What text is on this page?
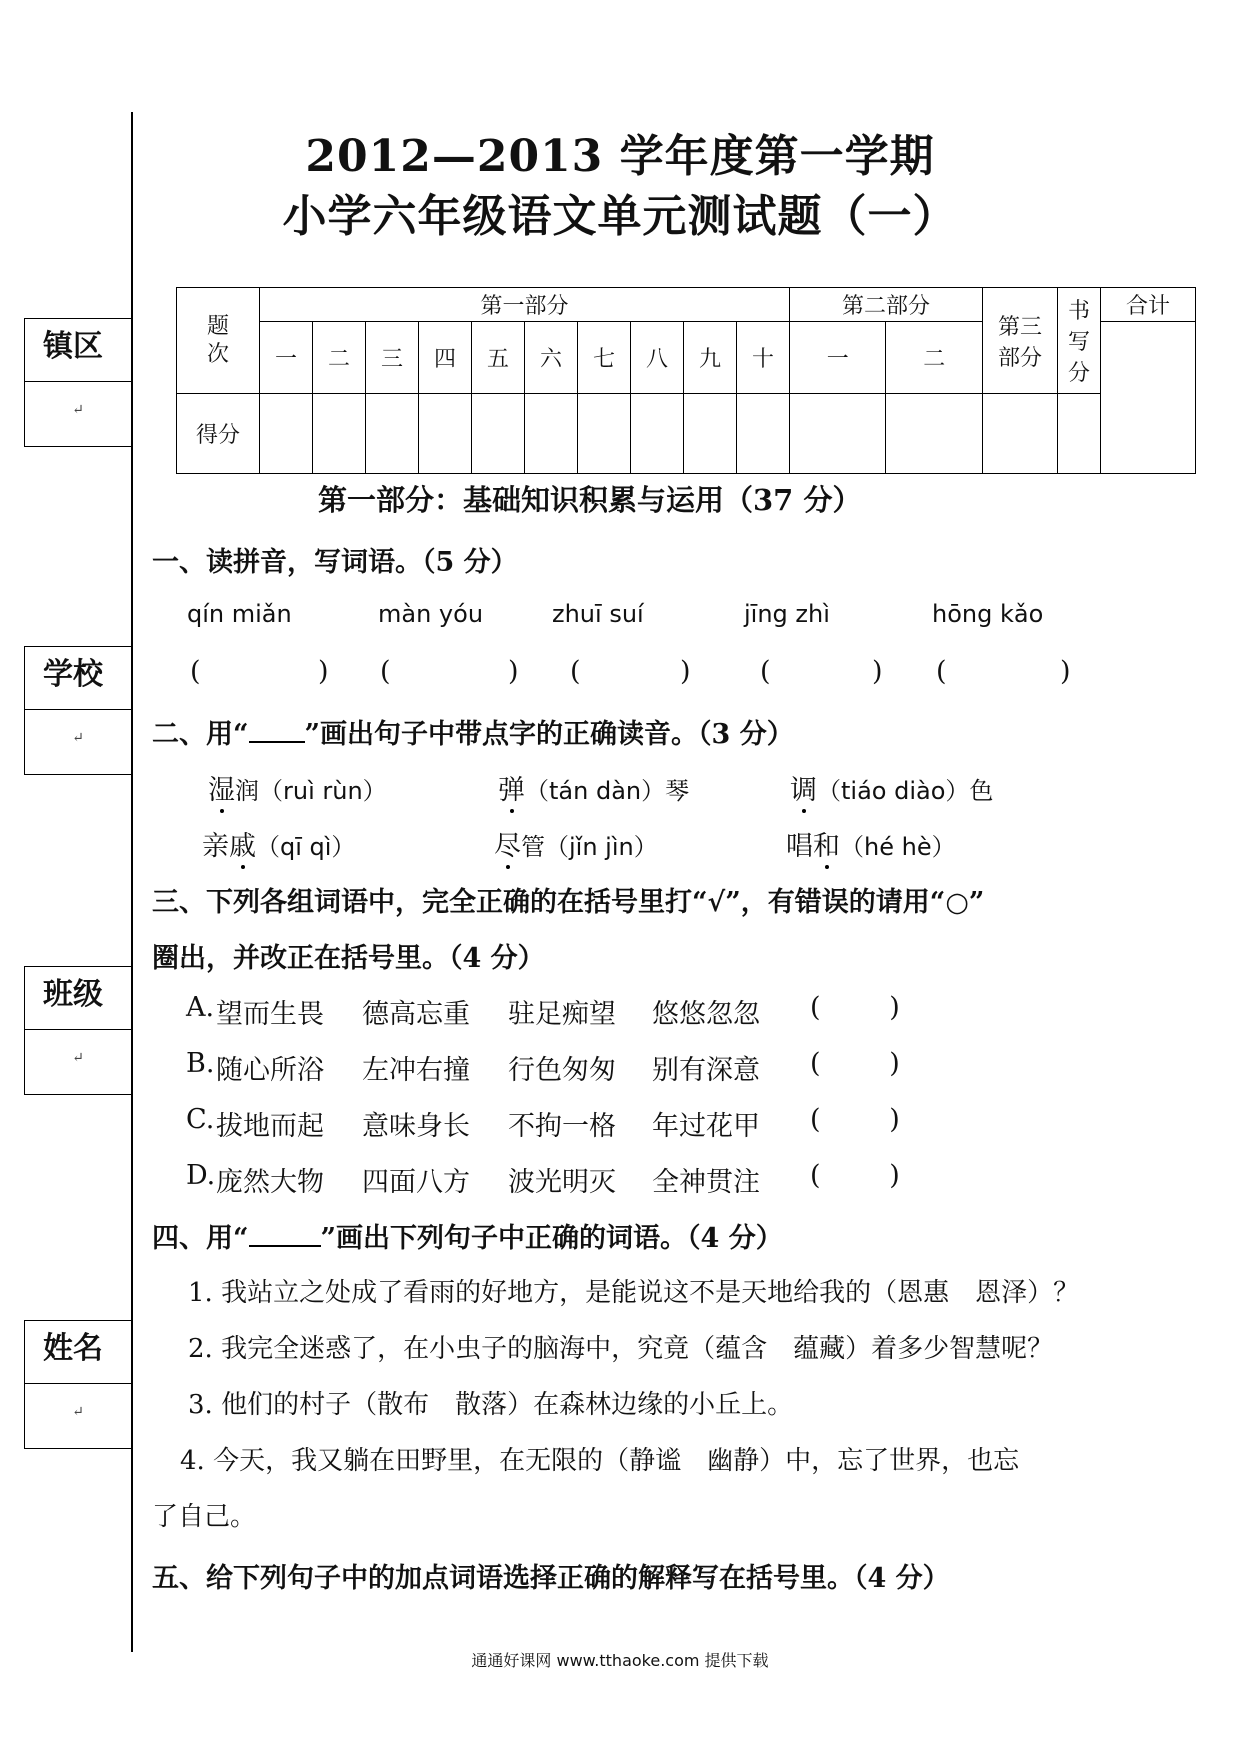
镇区
↵
学校
↵
班级
↵
姓名
↵
2012—2013 学年度第一学期
小学六年级语文单元测试题（一）
题次	第一部分										第二部分		第三部分	书写分	合计
	一	二	三	四	五	六	七	八	九	十	一	二			
得分															
第一部分：基础知识积累与运用（37 分）
一、读拼音，写词语。（5 分）
qín miǎn	màn yóu	zhuī suí	jīng zhì	hōng kǎo
(	) (	) (	)	(	) (	)
二、用“ ”画出句子中带点字的正确读音。（3 分）
湿润（ruì rùn）	弹（tán dàn）琴	调（tiáo diào）色
亲戚（qī qì）	尽管（jǐn jìn）	唱和（hé hè）
三、下列各组词语中，完全正确的在括号里打“√”，有错误的请用“○”
圈出，并改正在括号里。（4 分）
A. 望而生畏 德高忘重 驻足痴望 悠悠忽忽 (        )
B. 随心所浴 左冲右撞 行色匆匆 别有深意 (        )
C. 拔地而起 意味身长 不拘一格 年过花甲 (        )
D. 庞然大物 四面八方 波光明灭 全神贯注 (        )
四、用“	”画出下列句子中正确的词语。（4 分）
1. 我站立之处成了看雨的好地方，是能说这不是天地给我的（恩惠　恩泽）？
2. 我完全迷惑了，在小虫子的脑海中，究竟（蕴含　蕴藏）着多少智慧呢？
3. 他们的村子（散布　散落）在森林边缘的小丘上。
4. 今天，我又躺在田野里，在无限的（静谧　幽静）中，忘了世界，也忘
了自己。
五、给下列句子中的加点词语选择正确的解释写在括号里。（4 分）
通通好课网 www.tthaoke.com 提供下载
